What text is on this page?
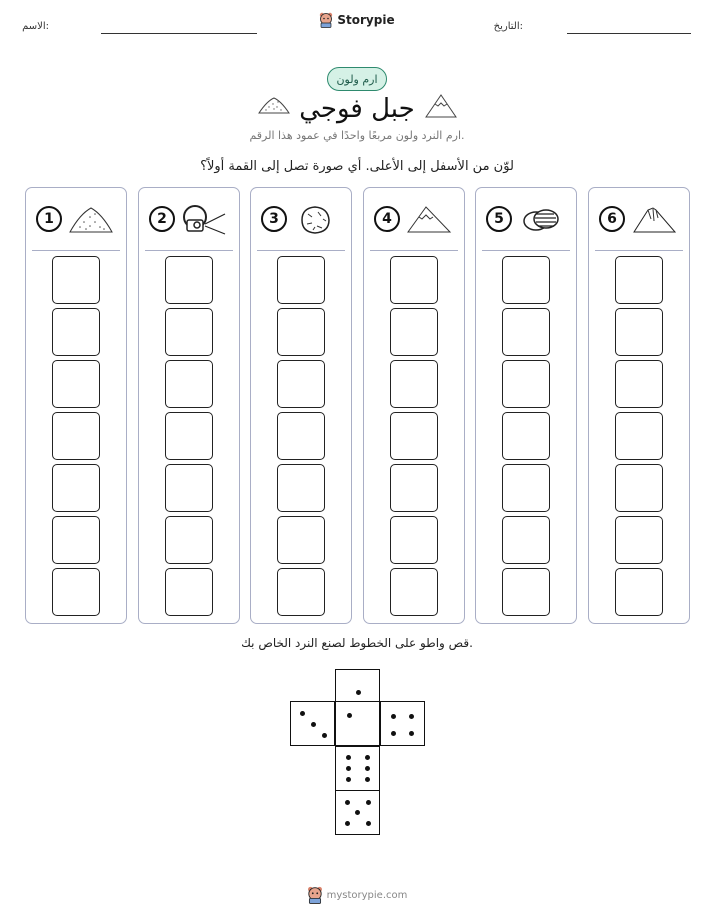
الاسم:	التاريخ:
Storypie
ارم ولون
جبل فوجي
ارم النرد ولون مربعًا واحدًا في عمود هذا الرقم.
لوّن من الأسفل إلى الأعلى. أي صورة تصل إلى القمة أولاً؟
1	2	3	4	5	6
قص واطو على الخطوط لصنع النرد الخاص بك.
mystorypie.com
